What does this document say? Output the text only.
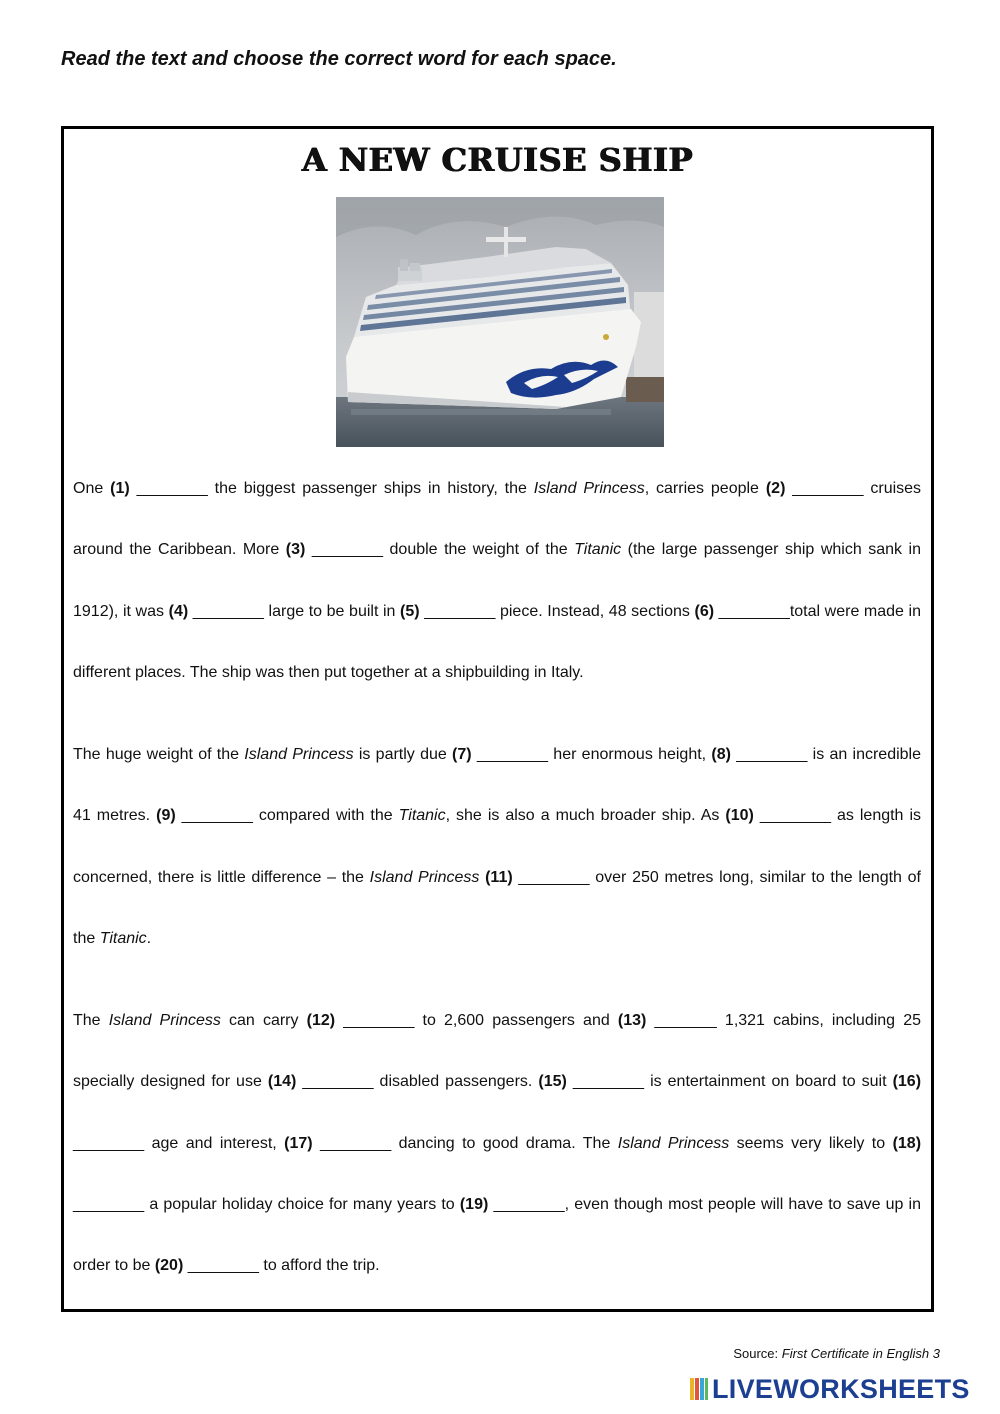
Read the text and choose the correct word for each space.
A NEW CRUISE SHIP
One (1) ________ the biggest passenger ships in history, the Island Princess, carries people (2) ________ cruises around the Caribbean. More (3) ________ double the weight of the Titanic (the large passenger ship which sank in 1912), it was (4) ________ large to be built in (5) ________ piece. Instead, 48 sections (6) ________total were made in different places. The ship was then put together at a shipbuilding in Italy.
The huge weight of the Island Princess is partly due (7) ________ her enormous height, (8) ________ is an incredible 41 metres. (9) ________ compared with the Titanic, she is also a much broader ship. As (10) ________ as length is concerned, there is little difference – the Island Princess (11) ________ over 250 metres long, similar to the length of the Titanic.
The Island Princess can carry (12) ________ to 2,600 passengers and (13) _______ 1,321 cabins, including 25 specially designed for use (14) ________ disabled passengers. (15) ________ is entertainment on board to suit (16) ________ age and interest, (17) ________ dancing to good drama. The Island Princess seems very likely to (18) ________ a popular holiday choice for many years to (19) ________, even though most people will have to save up in order to be (20) ________ to afford the trip.
Source: First Certificate in English 3
LIVEWORKSHEETS
